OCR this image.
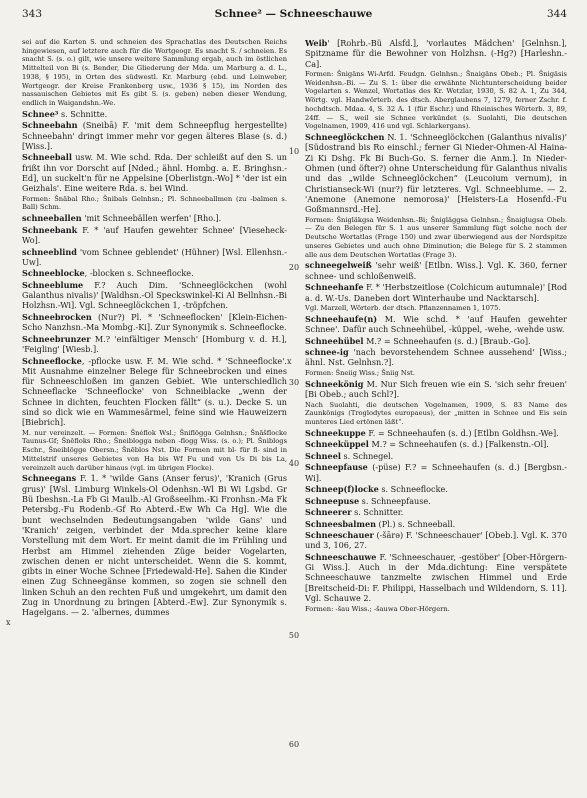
343	Schnee² — Schneeschauwe	344

sei auf die Karten S. und schneien des Sprachatlas des Deutschen Reichs hingewiesen, auf letztere auch für die Wortgeogr. Es snacht S. / schneien. Es snacht S. (s. o.) gilt, wie unsere weitere Sammlung ergab, auch im östlichen Mittelteil von Bi (s. Bender, Die Gliederung der Mda. um Marburg a. d. L., 1938, § 195), in Orten des südwestl. Kr. Marburg (ebd. und Leinweber, Wortgeogr. der Kreise Frankenberg usw., 1936 § 15), im Norden des nassauischen Gebietes mit Es gibt S. (s. geben) neben dieser Wendung, endlich in Waigandshn.-We.

Schnee³ s. Schnitte.

Schneebahn (Sneibā) F. 'mit dem Schneepflug hergestellte) Schneebahn' dringt immer mehr vor gegen älteres Blase (s. d.) [Wiss.].

Schneeball usw. M. Wie schd. Rda. Der schleißt auf den S. un frißt ihn vor Dorscht auf [Nded.; ähnl. Hombg. a. E. Bringhsn.-Ed], un suckelt'n für ne Appelsine [Oberlistgn.-Wo] * 'der ist ein Geizhals'. Eine weitere Rda. s. bei Wind.

Formen: Šnābal Rho.; Šnibals Gelnhsn.; Pl. Schneeballmen (zu -balmen s. Ball) Schm.

schneeballen 'mit Schneebällen werfen' [Rho.].

Schneebank F. * 'auf Haufen gewehter Schnee' [Vieseheck-Wo].

schneeblind 'vom Schnee geblendet' (Hühner) [Wsl. Ellenhsn.-Uw].

Schneeblocke, -blocken s. Schneeflocke.

Schneeblume F.? Auch Dim. 'Schneeglöckchen (wohl Galanthus nivalis)' [Waldhsn.-Ol Speckswinkel-Ki Al Bellnhsn.-Bi Holzhsn.-Wi]. Vgl. Schneeglöckchen 1, -tröpfchen.

Schneebrocken (Nur?) Pl. * 'Schneeflocken' [Klein-Eichen-Scho Nanzhsn.-Ma Mombg.-Ki]. Zur Synonymik s. Schneeflocke.

Schneebrunzer M.? 'einfältiger Mensch' [Homburg v. d. H.], 'Feigling' [Wiesb.].

Schneeflocke, -pflocke usw. F. M. Wie schd. * 'Schneeflocke'. Mit Ausnahme einzelner Belege für Schneebrocken und eines für Schneeschloßen im ganzen Gebiet. Wie unterschiedlich Schneeflacke 'Schneeflocke' von Schneiblacke „wenn der Schnee in dichten, feuchten Flocken fällt“ (s. u.). Decke S. un sind so dick wie en Wammesärmel, feine sind wie Hauweizern [Biebrich].

M. nur vereinzelt. — Formen: Šnéflok Wsl.; Šniflögga Gelnhsn.; Šnāšflocke Taunus-Gf; Šnēfloks Rho.; Šneiblogga neben -flogg Wiss. (s. o.); Pl. Šniblogs Eschr., Šneiblögge Obersn.; Šnēblos Nst. Die Formen mit bl- für fl- sind in Mittelstrif unseres Gebietes von Ha bis Wf Fu und von Us Di bis La, vereinzelt auch darüber hinaus (vgl. im übrigen Flocke).

Schneegans F. 1. * 'wilde Gans (Anser ferus)', 'Kranich (Grus grus)' [Wsl. Limburg Winkels-Ol Odenhsn.-Wl Bi Wi Lgsbd. Gr Bü Ibeshsn.-La Fb Gi Maulb.-Al Großseelhm.-Ki Fronhsn.-Ma Fk Petersbg.-Fu Rodenb.-Gf Ro Abterd.-Ew Wh Ca Hg]. Wie die bunt wechselnden Bedeutungsangaben 'wilde Gans' und 'Kranich' zeigen, verbindet der Mda.sprecher keine klare Vorstellung mit dem Wort. Er meint damit die im Frühling und Herbst am Himmel ziehenden Züge beider Vogelarten, zwischen denen er nicht unterscheidet. Wenn die S. kommt, gibts in einer Woche Schnee [Friedewald-He]. Sahen die Kinder einen Zug Schneegänse kommen, so zogen sie schnell den linken Schuh an den rechten Fuß und umgekehrt, um damit den Zug in Unordnung zu bringen [Abterd.-Ew]. Zur Synonymik s. Hagelgans. — 2. 'albernes, dummes

Weib' [Rohrb.-Bü Alsfd.], 'vorlautes Mädchen' [Gelnhsn.], Spitzname für die Bewohner von Holzhsn. (-Hg?) [Harleshn.-Ca].

Formen: Šnigäns Wi-Arfd. Feudgn. Gelnhsn.; Šnaigäns Obeb.; Pl. Šnigäsis Weidenhsn.-Bi. — Zu S. 1: über die erwähnte Nichtunterscheidung beider Vogelarten s. Wenzel, Wortatlas des Kr. Wetzlar, 1930, S. 82 A. 1, Zu 344, Wörtg. vgl. Handwörterb. des dtsch. Aberglaubens 7, 1279, ferner Zschr. f. hochdtsch. Mdaa. 4, S. 32 A. 1 (für Eschr.) und Rheinisches Wörterb. 3, 89, 24ff. — S., weil sie Schnee verkündet (s. Suolahti, Die deutschen Vogelnamen, 1909, 416 und vgl. Schlarkergans).

Schneeglöckchen N. 1. 'Schneeglöckchen (Galanthus nivalis)' [Südostrand bis Ro einschl.; ferner Gi Nieder-Ohmen-Al Haina-Zi Ki Dshg. Fk Bi Buch-Go. S. ferner die Anm.]. In Nieder-Ohmen (und öfter?) ohne Unterscheidung für Galanthus nivalis und das „wilde Schneeglöckchen“ (Leucoium vernum), in Christianseck-Wi (nur?) für letzteres. Vgl. Schneeblume. — 2. 'Anemone (Anemone nemorosa)' [Heisters-La Hosenfd.-Fu Goßmannsrd.-He].

Formen: Šnigläkgsa Weidenhsn.-Bi; Šnigläggsa Gelnhsn.; Šnaiglugsa Obeb. — Zu den Belegen für S. 1 aus unserer Sammlung fügt solche noch der Deutsche Wortatlas (Frage 150) und zwar überwiegend aus der Nordspitze unseres Gebietes und auch ohne Diminution; die Belege für S. 2 stammen alle aus dem Deutschen Wortatlas (Frage 3).

schneegelweiß 'sehr weiß' [Etlbn. Wiss.]. Vgl. K. 360, ferner schnee- und schloßenweiß.

Schneehanfe F. * 'Herbstzeitlose (Colchicum autumnale)' [Rod a. d. W.-Us. Daneben dort Winterhaube und Nacktarsch].

Vgl. Marzell, Wörterb. der dtsch. Pflanzennamen 1, 1075.

Schneehaufe(n) M. Wie schd. * 'auf Haufen gewehter Schnee'. Dafür auch Schneehübel, -küppel, -wehe, -wehde usw.

Schneehübel M.? = Schneehaufen (s. d.) [Braub.-Go].

schnee-ig 'nach bevorstehendem Schnee aussehend' [Wiss.; ähnl. Nst. Gelnhsn.?].

Formen: Šneiig Wiss.; Šniig Nst.

Schneekönig M. Nur Sich freuen wie ein S. 'sich sehr freuen' [Bi Obeb.; auch Schl?].

Nach Suolahti, die deutschen Vogelnamen, 1909, S. 83 Name des Zaunkönigs (Troglodytes europaeus), der „mitten in Schnee und Eis sein munteres Lied ertönen läßt“.

Schneekuppe F. = Schneehaufen (s. d.) [Etlbn Goldhsn.-We].

Schneeküppel M.? = Schneehaufen (s. d.) [Falkenstn.-Ol].

Schneel s. Schnegel.

Schneepfause (-püse) F.? = Schneehaufen (s. d.) [Bergbsn.-Wi].

Schneep(f)locke s. Schneeflocke.

Schneepuse s. Schneepfause.

Schneerer s. Schnitter.

Schneesbalmen (Pl.) s. Schneeball.

Schneeschauer (-šārə) F. 'Schneeschauer' [Obeb.]. Vgl. K. 370 und 3, 106, 27.

Schneeschauwe F. 'Schneeschauer, -gestöber' [Ober-Hörgern-Gi Wiss.]. Auch in der Mda.dichtung: Eine verspätete Schneeschauwe tanzmelte zwischen Himmel und Erde [Breitscheid-Di: F. Philippi, Hasselbach und Wildendorn, S. 11]. Vgl. Schauwe 2.

Formen: -šau Wiss.; -šauwa Ober-Hörgern.

10
20
30
40
50
60
x
x
